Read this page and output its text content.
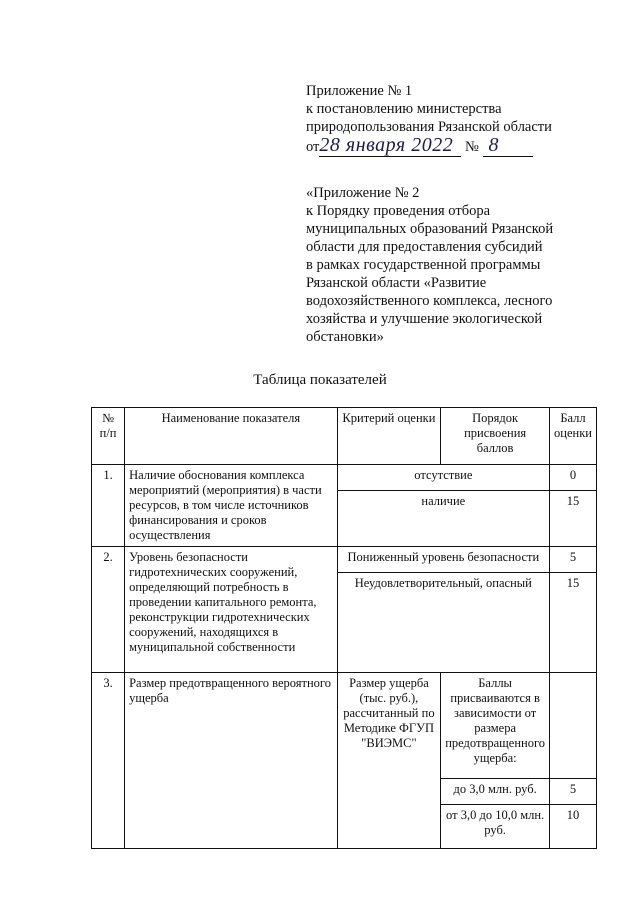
Приложение № 1
к постановлению министерства
природопользования Рязанской области
от28 января 2022 № 8
«Приложение № 2
к Порядку проведения отбора
муниципальных образований Рязанской
области для предоставления субсидий
в рамках государственной программы
Рязанской области «Развитие
водохозяйственного комплекса, лесного
хозяйства и улучшение экологической
обстановки»
Таблица показателей
№ п/п	Наименование показателя	Критерий оценки	Порядок присвоения баллов	Балл оценки
1.	Наличие обоснования комплекса мероприятий (мероприятия) в части ресурсов, в том числе источников финансирования и сроков осуществления	отсутствие		0
		наличие		15
2.	Уровень безопасности гидротехнических сооружений, определяющий потребность в проведении капитального ремонта, реконструкции гидротехнических сооружений, находящихся в муниципальной собственности	Пониженный уровень безопасности		5
		Неудовлетворительный, опасный		15
3.	Размер предотвращенного вероятного ущерба	Размер ущерба (тыс. руб.), рассчитанный по Методике ФГУП "ВИЭМС"	Баллы присваиваются в зависимости от размера предотвращенного ущерба:	
			до 3,0 млн. руб.	5
			от 3,0 до 10,0 млн. руб.	10
